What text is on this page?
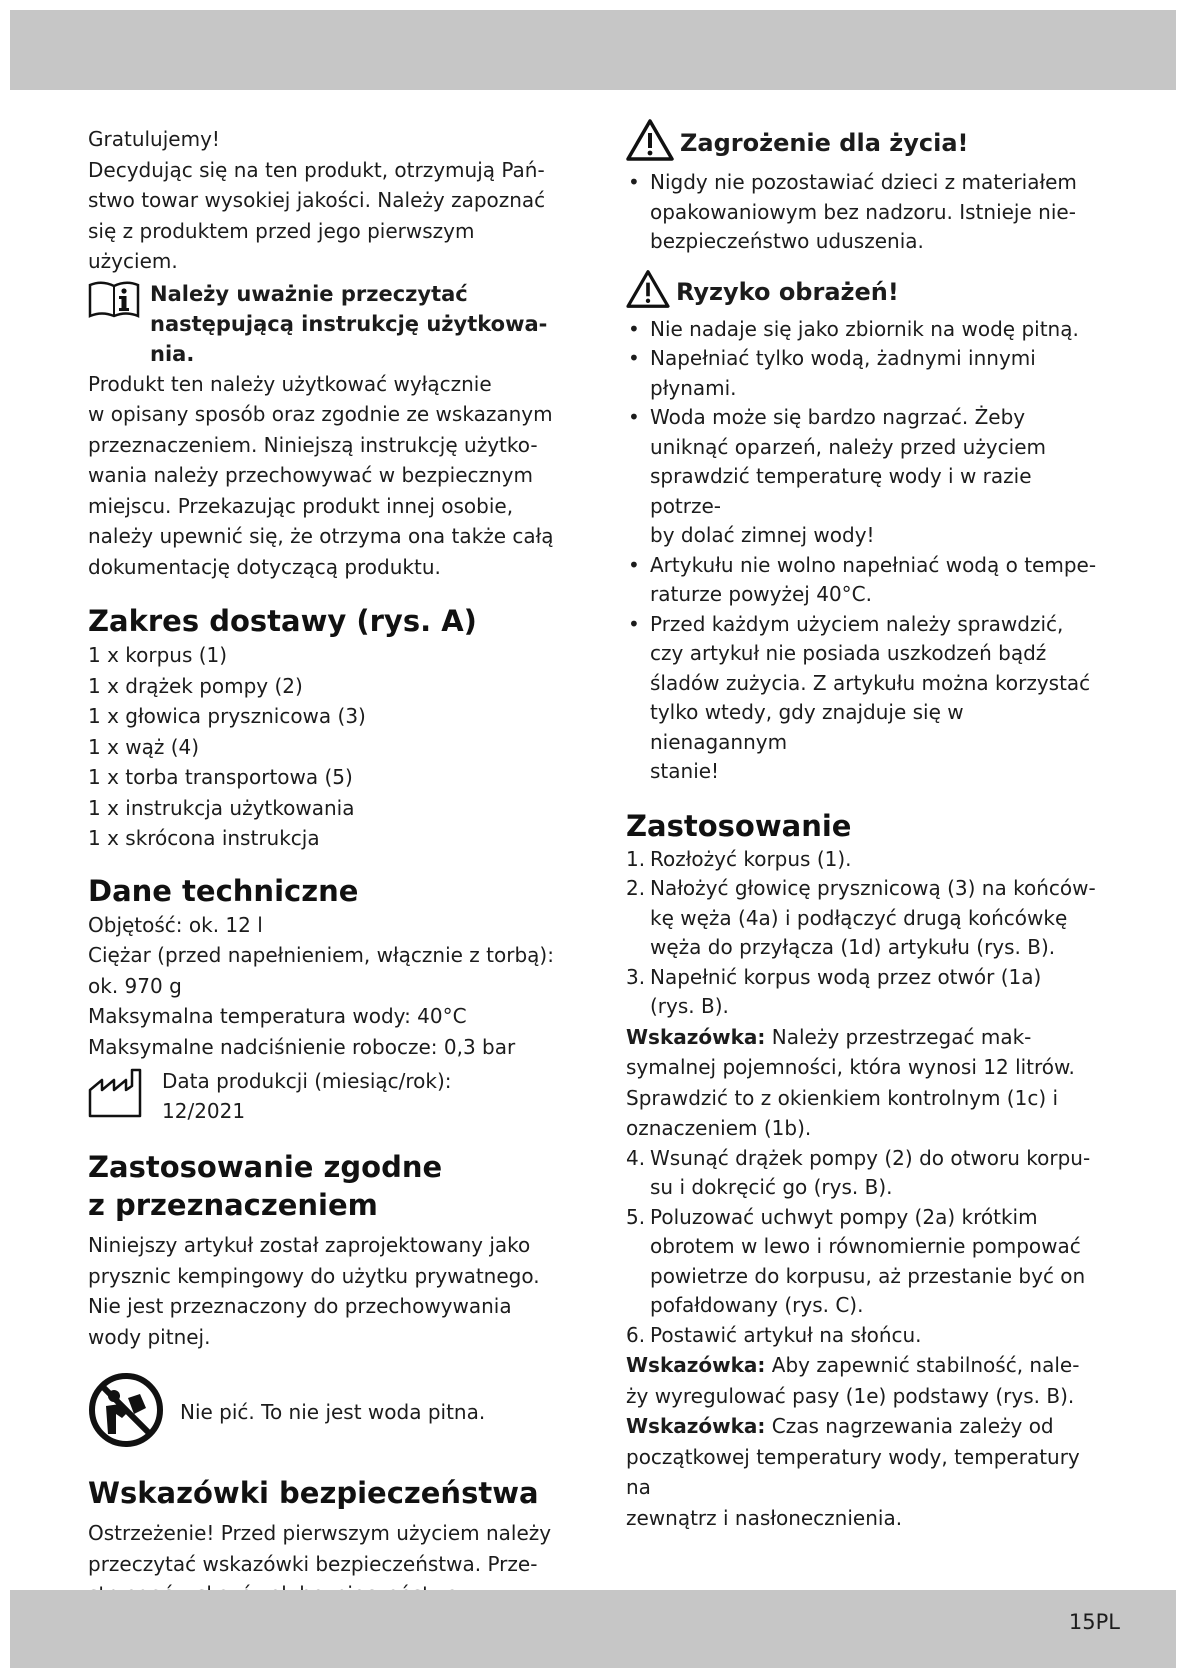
Gratulujemy!

Decydując się na ten produkt, otrzymują Pań-

stwo towar wysokiej jakości. Należy zapoznać

się z produktem przed jego pierwszym użyciem.

Należy uważnie przeczytać
następującą instrukcję użytkowa-
nia.

Produkt ten należy użytkować wyłącznie

w opisany sposób oraz zgodnie ze wskazanym

przeznaczeniem. Niniejszą instrukcję użytko-

wania należy przechowywać w bezpiecznym

miejscu. Przekazując produkt innej osobie,

należy upewnić się, że otrzyma ona także całą

dokumentację dotyczącą produktu.

Zakres dostawy (rys. A)

1 x korpus (1)

1 x drążek pompy (2)

1 x głowica prysznicowa (3)

1 x wąż (4)

1 x torba transportowa (5)

1 x instrukcja użytkowania

1 x skrócona instrukcja

Dane techniczne

Objętość: ok. 12 l

Ciężar (przed napełnieniem, włącznie z torbą):

ok. 970 g

Maksymalna temperatura wody: 40°C

Maksymalne nadciśnienie robocze: 0,3 bar

Data produkcji (miesiąc/rok):
12/2021
Zastosowanie zgodne
z przeznaczeniem

Niniejszy artykuł został zaprojektowany jako

prysznic kempingowy do użytku prywatnego.

Nie jest przeznaczony do przechowywania

wody pitnej.

Nie pić. To nie jest woda pitna.
Wskazówki bezpieczeństwa

Ostrzeżenie! Przed pierwszym użyciem należy

przeczytać wskazówki bezpieczeństwa. Prze-

Zagrożenie dla życia!
• Nigdy nie pozostawiać dzieci z materiałem
opakowaniowym bez nadzoru. Istnieje nie-
bezpieczeństwo uduszenia.
Ryzyko obrażeń!
• Nie nadaje się jako zbiornik na wodę pitną.
• Napełniać tylko wodą, żadnymi innymi
płynami.
• Woda może się bardzo nagrzać. Żeby
uniknąć oparzeń, należy przed użyciem
sprawdzić temperaturę wody i w razie potrze-
by dolać zimnej wody!
• Artykułu nie wolno napełniać wodą o tempe-
raturze powyżej 40°C.
• Przed każdym użyciem należy sprawdzić,
czy artykuł nie posiada uszkodzeń bądź
śladów zużycia. Z artykułu można korzystać
tylko wtedy, gdy znajduje się w nienagannym
stanie!
Zastosowanie
1. Rozłożyć korpus (1).
2. Nałożyć głowicę prysznicową (3) na końców-
kę węża (4a) i podłączyć drugą końcówkę
węża do przyłącza (1d) artykułu (rys. B).
3. Napełnić korpus wodą przez otwór (1a)
(rys. B).

Wskazówka: Należy przestrzegać mak-

symalnej pojemności, która wynosi 12 litrów.

Sprawdzić to z okienkiem kontrolnym (1c) i

oznaczeniem (1b).

4. Wsunąć drążek pompy (2) do otworu korpu-
su i dokręcić go (rys. B).
5. Poluzować uchwyt pompy (2a) krótkim
obrotem w lewo i równomiernie pompować
powietrze do korpusu, aż przestanie być on
pofałdowany (rys. C).
6. Postawić artykuł na słońcu.

Wskazówka: Aby zapewnić stabilność, nale-

ży wyregulować pasy (1e) podstawy (rys. B).

Wskazówka: Czas nagrzewania zależy od

początkowej temperatury wody, temperatury na

zewnątrz i nasłonecznienia.

15PL
